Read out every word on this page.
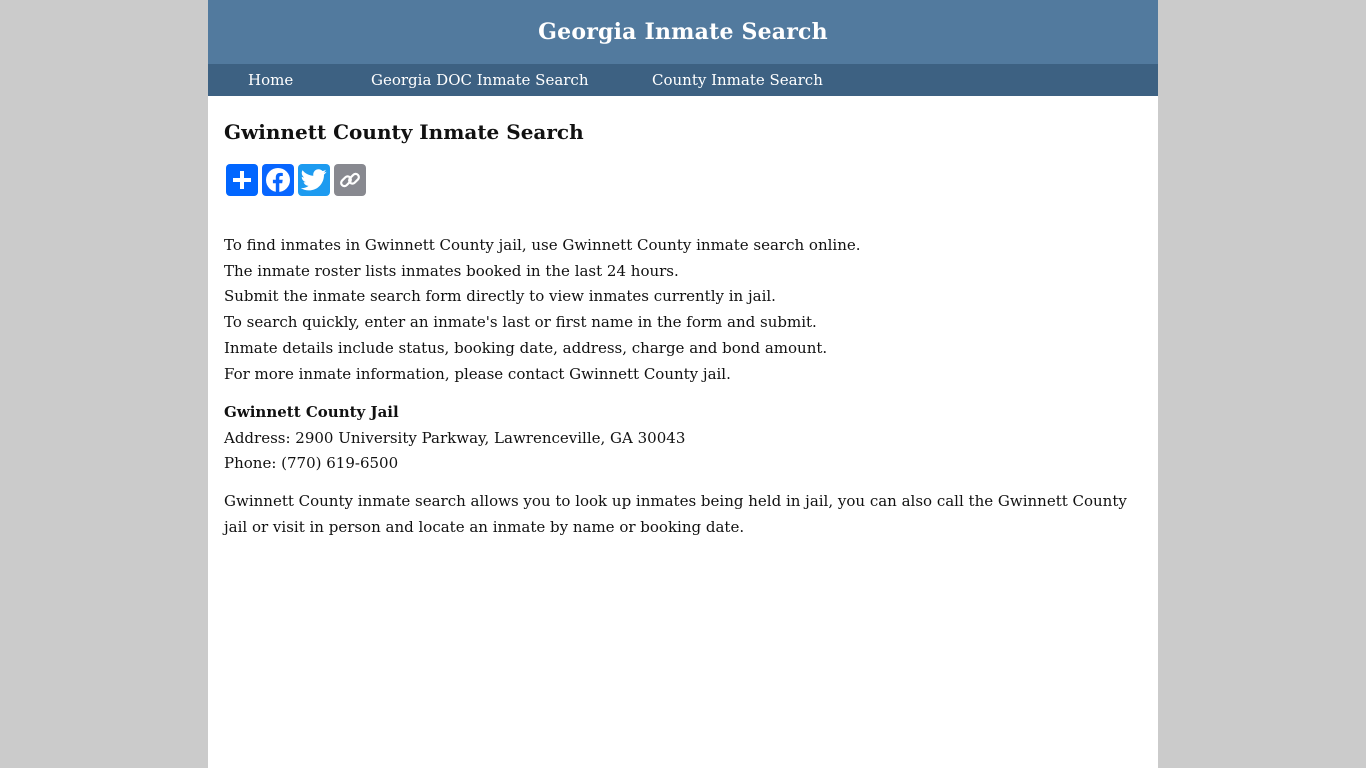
Georgia Inmate Search
Home	Georgia DOC Inmate Search	County Inmate Search
Gwinnett County Inmate Search

To find inmates in Gwinnett County jail, use Gwinnett County inmate search online.

The inmate roster lists inmates booked in the last 24 hours.

Submit the inmate search form directly to view inmates currently in jail.

To search quickly, enter an inmate's last or first name in the form and submit.

Inmate details include status, booking date, address, charge and bond amount.

For more inmate information, please contact Gwinnett County jail.

Gwinnett County Jail
Address: 2900 University Parkway, Lawrenceville, GA 30043
Phone: (770) 619-6500

Gwinnett County inmate search allows you to look up inmates being held in jail, you can also call the Gwinnett County jail or visit in person and locate an inmate by name or booking date.
